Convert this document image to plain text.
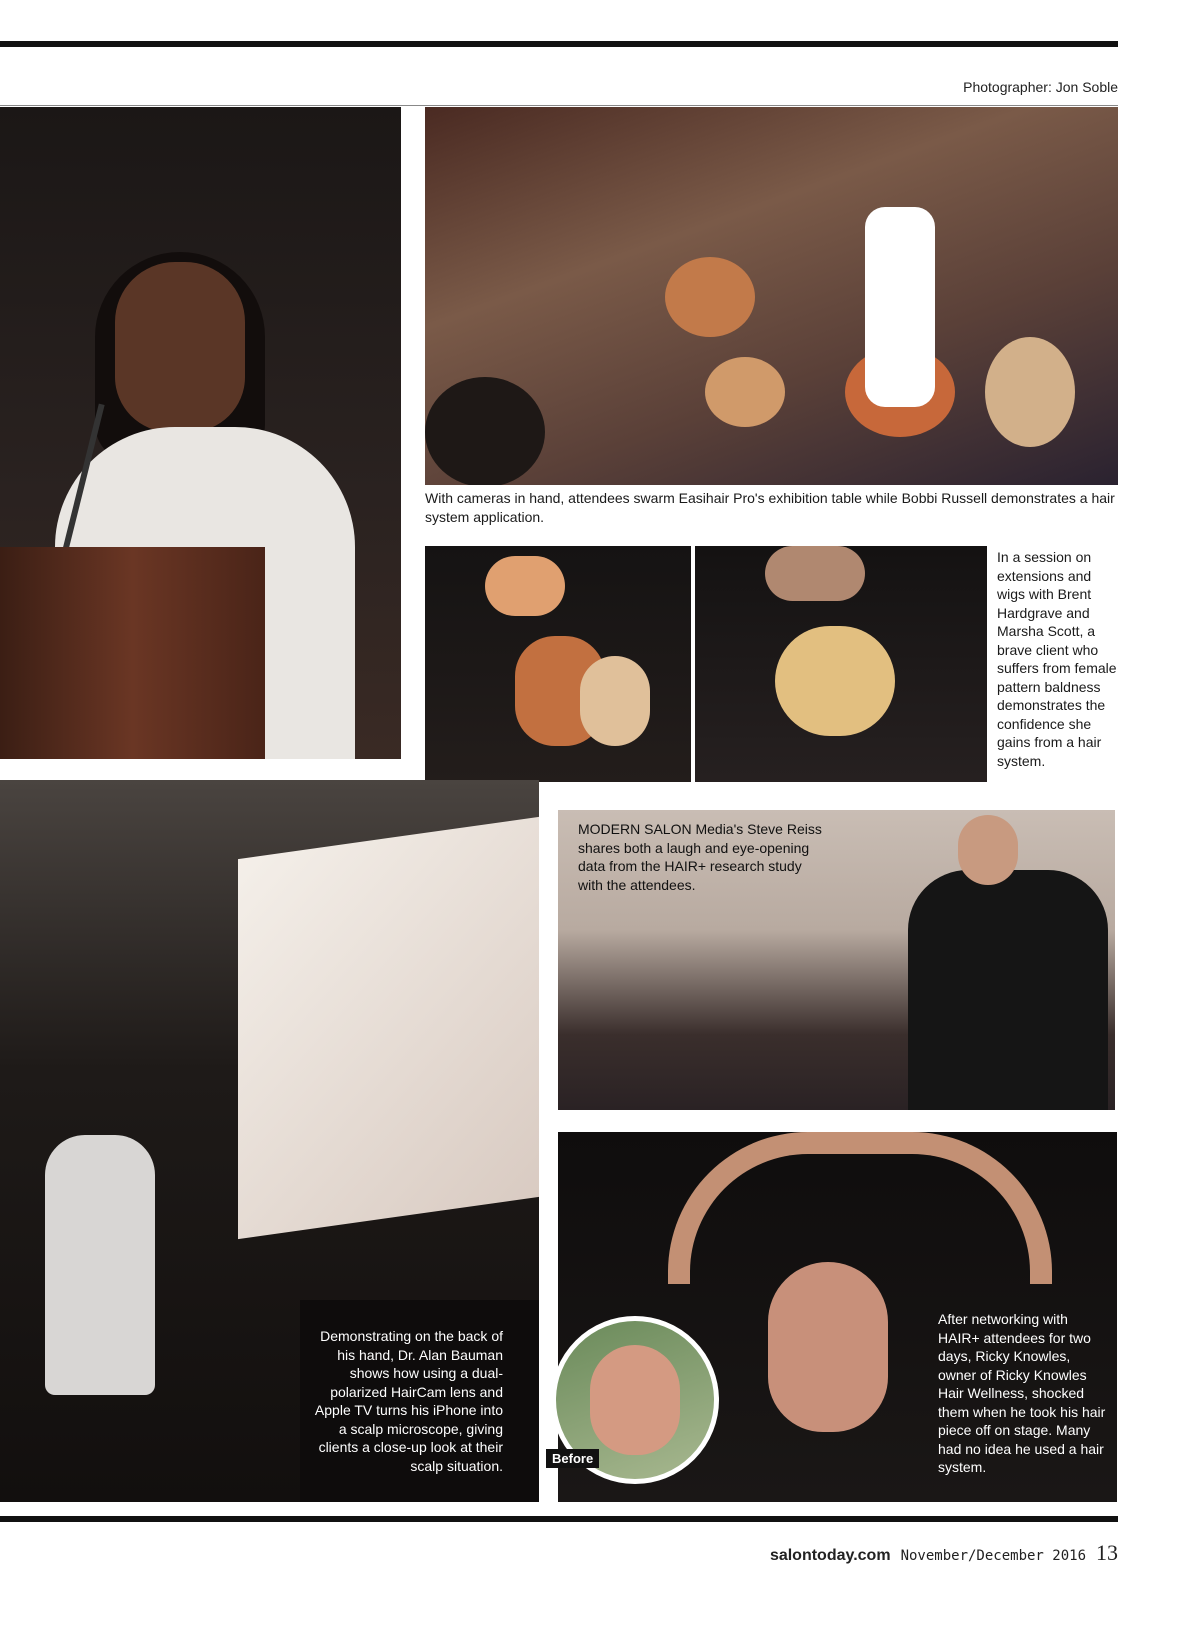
Photographer: Jon Soble
With cameras in hand, attendees swarm Easihair Pro's exhibition table while Bobbi Russell demonstrates a hair system application.
In a session on extensions and wigs with Brent Hardgrave and Marsha Scott, a brave client who suffers from female pattern baldness demonstrates the confidence she gains from a hair system.
Demonstrating on the back of his hand, Dr. Alan Bauman shows how using a dual-polarized HairCam lens and Apple TV turns his iPhone into a scalp microscope, giving clients a close-up look at their scalp situation.
MODERN SALON Media's Steve Reiss shares both a laugh and eye-opening data from the HAIR+ research study with the attendees.
After networking with HAIR+ attendees for two days, Ricky Knowles, owner of Ricky Knowles Hair Wellness, shocked them when he took his hair piece off on stage. Many had no idea he used a hair system.
Before
salontoday.com November/December 2016 13
